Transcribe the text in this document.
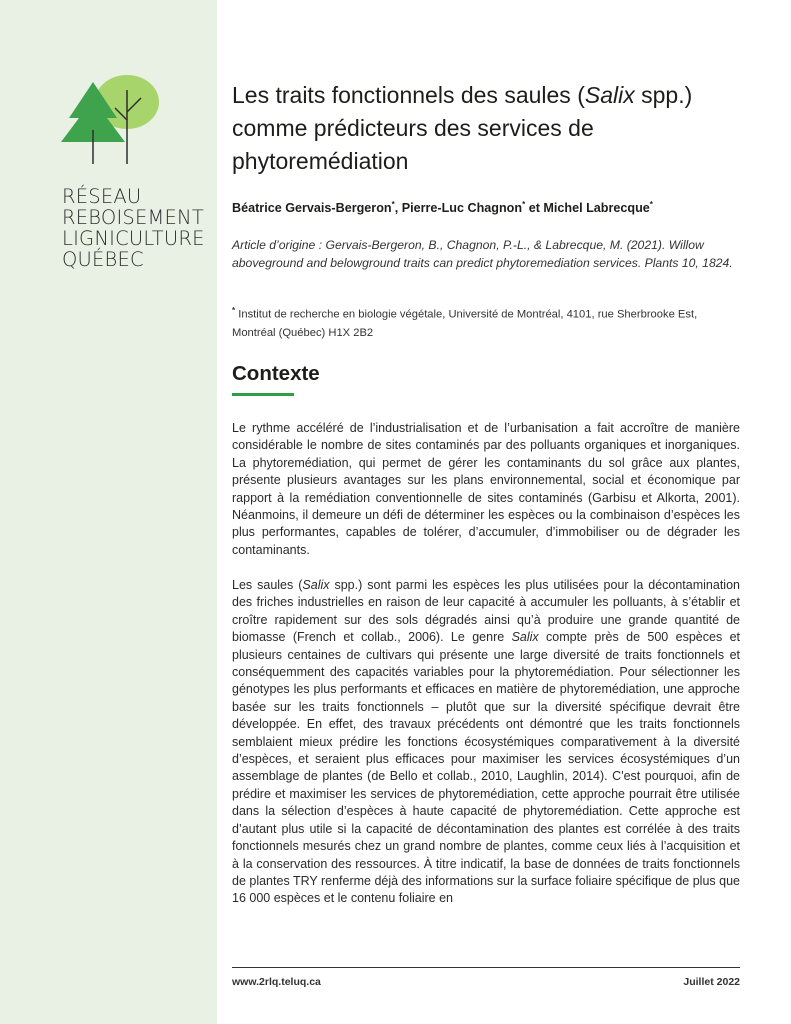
RÉSEAU
REBOISEMENT
LIGNICULTURE
QUÉBEC
Les traits fonctionnels des saules (Salix spp.) comme prédicteurs des services de phytoremédiation
Béatrice Gervais-Bergeron*, Pierre-Luc Chagnon* et Michel Labrecque*
Article d’origine : Gervais-Bergeron, B., Chagnon, P.-L., & Labrecque, M. (2021). Willow aboveground and belowground traits can predict phytoremediation services. Plants 10, 1824.
* Institut de recherche en biologie végétale, Université de Montréal, 4101, rue Sherbrooke Est, Montréal (Québec) H1X 2B2
Contexte
Le rythme accéléré de l’industrialisation et de l’urbanisation a fait accroître de manière considérable le nombre de sites contaminés par des polluants organiques et inorganiques. La phytoremédiation, qui permet de gérer les contaminants du sol grâce aux plantes, présente plusieurs avantages sur les plans environnemental, social et économique par rapport à la remédiation conventionnelle de sites contaminés (Garbisu et Alkorta, 2001). Néanmoins, il demeure un défi de déterminer les espèces ou la combinaison d’espèces les plus performantes, capables de tolérer, d’accumuler, d’immobiliser ou de dégrader les contaminants.
Les saules (Salix spp.) sont parmi les espèces les plus utilisées pour la décontamination des friches industrielles en raison de leur capacité à accumuler les polluants, à s’établir et croître rapidement sur des sols dégradés ainsi qu’à produire une grande quantité de biomasse (French et collab., 2006). Le genre Salix compte près de 500 espèces et plusieurs centaines de cultivars qui présente une large diversité de traits fonctionnels et conséquemment des capacités variables pour la phytoremédiation. Pour sélectionner les génotypes les plus performants et efficaces en matière de phytoremédiation, une approche basée sur les traits fonctionnels – plutôt que sur la diversité spécifique devrait être développée. En effet, des travaux précédents ont démontré que les traits fonctionnels semblaient mieux prédire les fonctions écosystémiques comparativement à la diversité d’espèces, et seraient plus efficaces pour maximiser les services écosystémiques d’un assemblage de plantes (de Bello et collab., 2010, Laughlin, 2014). C'est pourquoi, afin de prédire et maximiser les services de phytoremédiation, cette approche pourrait être utilisée dans la sélection d’espèces à haute capacité de phytoremédiation. Cette approche est d’autant plus utile si la capacité de décontamination des plantes est corrélée à des traits fonctionnels mesurés chez un grand nombre de plantes, comme ceux liés à l’acquisition et à la conservation des ressources. À titre indicatif, la base de données de traits fonctionnels de plantes TRY renferme déjà des informations sur la surface foliaire spécifique de plus que 16 000 espèces et le contenu foliaire en
www.2rlq.teluq.ca	Juillet 2022
